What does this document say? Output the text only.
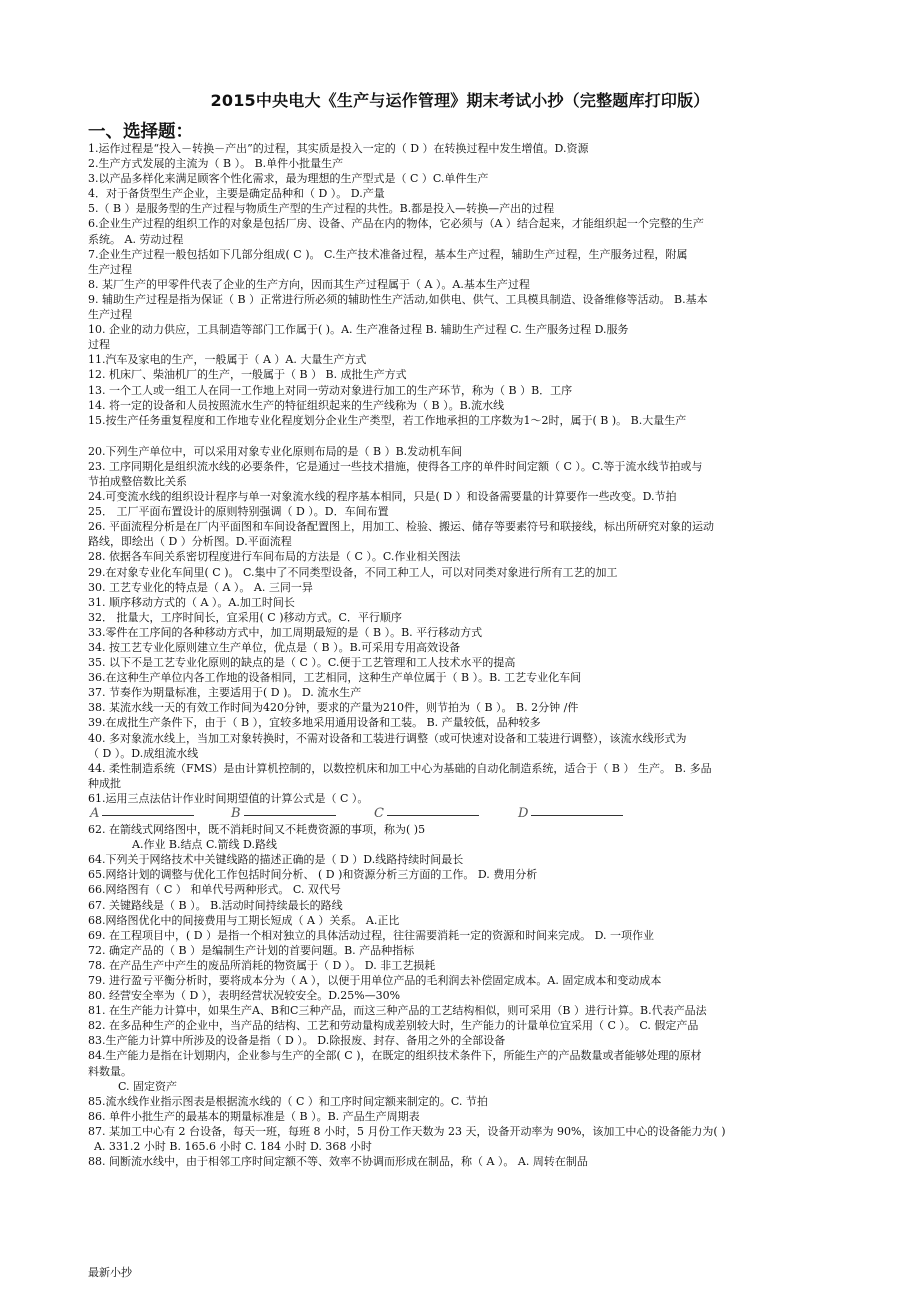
2015中央电大《生产与运作管理》期末考试小抄（完整题库打印版）
一、选择题：
1.运作过程是“投入－转换－产出”的过程，其实质是投入一定的（ D ）在转换过程中发生增值。D.资源
2.生产方式发展的主流为（ B ）。 B.单件小批量生产
3.以产品多样化来满足顾客个性化需求，最为理想的生产型式是（ C ）C.单件生产
4．对于备货型生产企业，主要是确定品种和（ D ）。 D.产量
5.（ B ）是服务型的生产过程与物质生产型的生产过程的共性。B.都是投入—转换—产出的过程
6.企业生产过程的组织工作的对象是包括厂房、设备、产品在内的物体，它必须与（A ）结合起来，才能组织起一个完整的生产
系统。 A. 劳动过程
7.企业生产过程一般包括如下几部分组成( C )。 C.生产技术准备过程，基本生产过程，辅助生产过程，生产服务过程，附属
生产过程
8. 某厂生产的甲零件代表了企业的生产方向，因而其生产过程属于（ A ）。A.基本生产过程
9. 辅助生产过程是指为保证（ B ）正常进行所必须的辅助性生产活动,如供电、供气、工具模具制造、设备维修等活动。 B.基本
生产过程
10. 企业的动力供应，工具制造等部门工作属于( )。A. 生产准备过程 B. 辅助生产过程 C. 生产服务过程 D.服务
过程
11.汽车及家电的生产，一般属于（ A ）A. 大量生产方式
12. 机床厂、柴油机厂的生产，一般属于（ B ） B. 成批生产方式
13. 一个工人或一组工人在同一工作地上对同一劳动对象进行加工的生产环节，称为（ B ）B．工序
14. 将一定的设备和人员按照流水生产的特征组织起来的生产线称为（ B ）。B.流水线
15.按生产任务重复程度和工作地专业化程度划分企业生产类型，若工作地承担的工序数为1～2时，属于( B )。 B.大量生产
20.下列生产单位中，可以采用对象专业化原则布局的是（ B ）B.发动机车间
23. 工序同期化是组织流水线的必要条件，它是通过一些技术措施，使得各工序的单件时间定额（ C ）。C.等于流水线节拍或与
节拍成整倍数比关系
24.可变流水线的组织设计程序与单一对象流水线的程序基本相同，只是( D ）和设备需要量的计算要作一些改变。D.节拍
25． 工厂平面布置设计的原则特别强调（ D ）。D．车间布置
26. 平面流程分析是在厂内平面图和车间设备配置图上，用加工、检验、搬运、储存等要素符号和联接线，标出所研究对象的运动
路线，即绘出（ D ）分析图。D.平面流程
28. 依据各车间关系密切程度进行车间布局的方法是（ C ）。C.作业相关图法
29.在对象专业化车间里( C )。 C.集中了不同类型设备，不同工种工人，可以对同类对象进行所有工艺的加工
30. 工艺专业化的特点是（ A ）。 A. 三同一异
31. 顺序移动方式的（ A ）。A.加工时间长
32． 批量大，工序时间长，宜采用( C )移动方式。C．平行顺序
33.零件在工序间的各种移动方式中，加工周期最短的是（ B ）。B. 平行移动方式
34. 按工艺专业化原则建立生产单位，优点是（ B ）。B.可采用专用高效设备
35. 以下不是工艺专业化原则的缺点的是（ C ）。C.便于工艺管理和工人技术水平的提高
36.在这种生产单位内各工作地的设备相同，工艺相同，这种生产单位属于（ B ）。B. 工艺专业化车间
37. 节奏作为期量标准，主要适用于( D )。 D. 流水生产
38. 某流水线一天的有效工作时间为420分钟，要求的产量为210件，则节拍为（ B ）。 B. 2分钟 /件
39.在成批生产条件下，由于（ B ），宜较多地采用通用设备和工装。 B. 产量较低，品种较多
40. 多对象流水线上，当加工对象转换时，不需对设备和工装进行调整（或可快速对设备和工装进行调整），该流水线形式为
（ D ）。D.成组流水线
44. 柔性制造系统（FMS）是由计算机控制的，以数控机床和加工中心为基础的自动化制造系统，适合于（ B ） 生产。 B. 多品
种成批
61.运用三点法估计作业时间期望值的计算公式是（ C ）。
A	B	C	D
62. 在箭线式网络图中，既不消耗时间又不耗费资源的事项，称为( )5
A.作业 B.结点 C.箭线 D.路线
64.下列关于网络技术中关键线路的描述正确的是（ D ）D.线路持续时间最长
65.网络计划的调整与优化工作包括时间分析、 ( D )和资源分析三方面的工作。 D. 费用分析
66.网络图有（ C ） 和单代号两种形式。 C. 双代号
67. 关键路线是（ B ）。 B.活动时间持续最长的路线
68.网络图优化中的间接费用与工期长短成（ A ）关系。 A.正比
69. 在工程项目中，( D ）是指一个相对独立的具体活动过程，往往需要消耗一定的资源和时间来完成。 D. 一项作业
72. 确定产品的（ B ）是编制生产计划的首要问题。B. 产品种指标
78. 在产品生产中产生的废品所消耗的物资属于（ D ）。 D. 非工艺损耗
79. 进行盈亏平衡分析时，要将成本分为（ A ），以便于用单位产品的毛利润去补偿固定成本。A. 固定成本和变动成本
80. 经营安全率为（ D ），表明经营状况较安全。D.25%—30%
81. 在生产能力计算中，如果生产A、B和C三种产品，而这三种产品的工艺结构相似，则可采用（B ）进行计算。B.代表产品法
82. 在多品种生产的企业中，当产品的结构、工艺和劳动量构成差别较大时，生产能力的计量单位宜采用（ C ）。 C. 假定产品
83.生产能力计算中所涉及的设备是指（ D ）。 D.除报废、封存、备用之外的全部设备
84.生产能力是指在计划期内，企业参与生产的全部( C )，在既定的组织技术条件下，所能生产的产品数量或者能够处理的原材
料数量。
C. 固定资产
85.流水线作业指示图表是根据流水线的（ C ）和工序时间定额来制定的。C. 节拍
86. 单件小批生产的最基本的期量标准是（ B ）。B. 产品生产周期表
87. 某加工中心有 2 台设备，每天一班，每班 8 小时，5 月份工作天数为 23 天，设备开动率为 90%，该加工中心的设备能力为( )
A. 331.2 小时 B. 165.6 小时 C. 184 小时 D. 368 小时
88. 间断流水线中，由于相邻工序时间定额不等、效率不协调而形成在制品，称（ A ）。 A. 周转在制品
最新小抄
